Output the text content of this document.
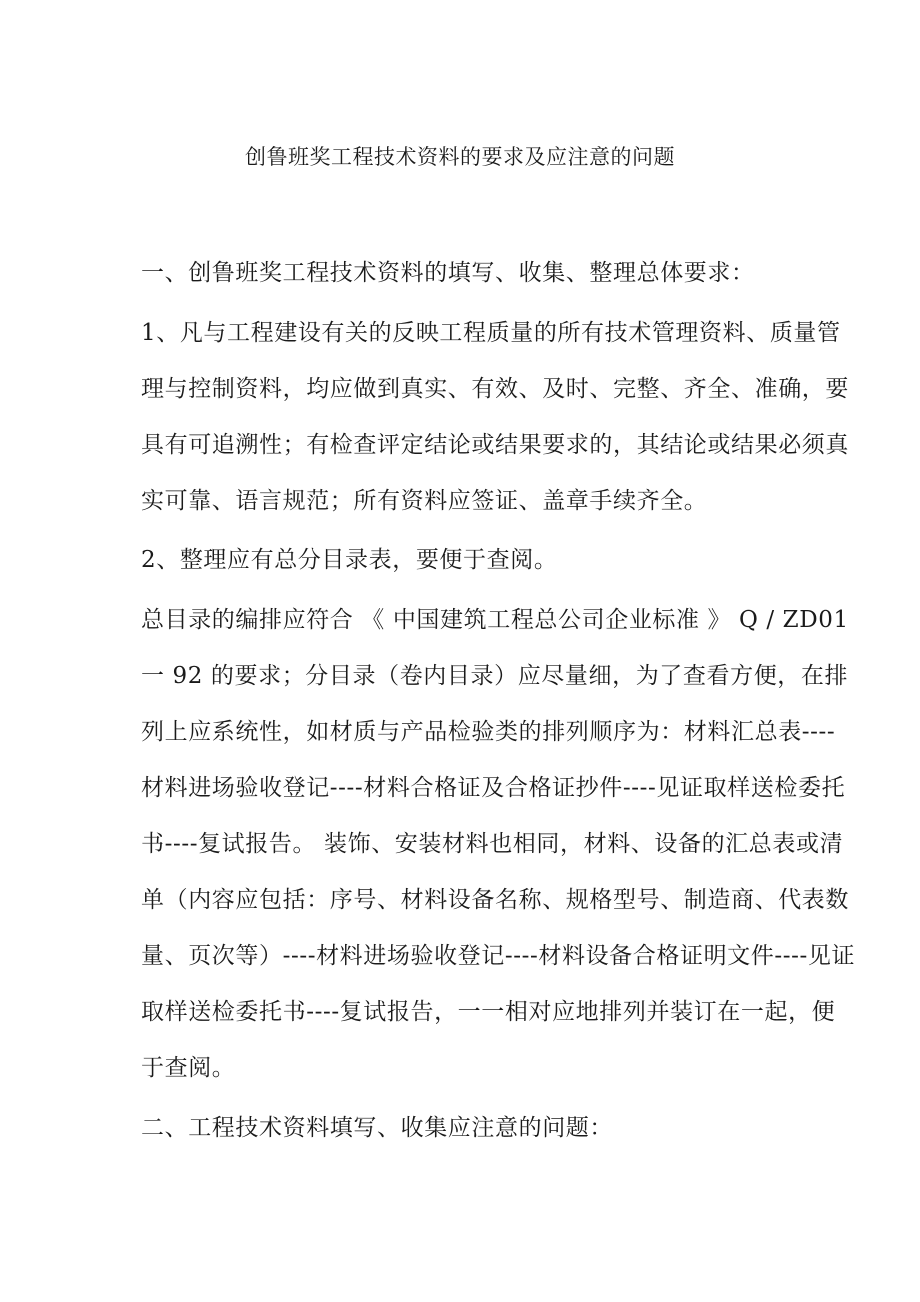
创鲁班奖工程技术资料的要求及应注意的问题
一、创鲁班奖工程技术资料的填写、收集、整理总体要求：
1、凡与工程建设有关的反映工程质量的所有技术管理资料、质量管
理与控制资料，均应做到真实、有效、及时、完整、齐全、准确，要
具有可追溯性；有检查评定结论或结果要求的，其结论或结果必须真
实可靠、语言规范；所有资料应签证、盖章手续齐全。
2、整理应有总分目录表，要便于查阅。
总目录的编排应符合 《 中国建筑工程总公司企业标准 》 Q / ZD01
一 92 的要求；分目录（卷内目录）应尽量细，为了查看方便，在排
列上应系统性，如材质与产品检验类的排列顺序为：材料汇总表----
材料进场验收登记----材料合格证及合格证抄件----见证取样送检委托
书----复试报告。 装饰、安装材料也相同，材料、设备的汇总表或清
单（内容应包括：序号、材料设备名称、规格型号、制造商、代表数
量、页次等）----材料进场验收登记----材料设备合格证明文件----见证
取样送检委托书----复试报告，一一相对应地排列并装订在一起，便
于查阅。
二、工程技术资料填写、收集应注意的问题：
